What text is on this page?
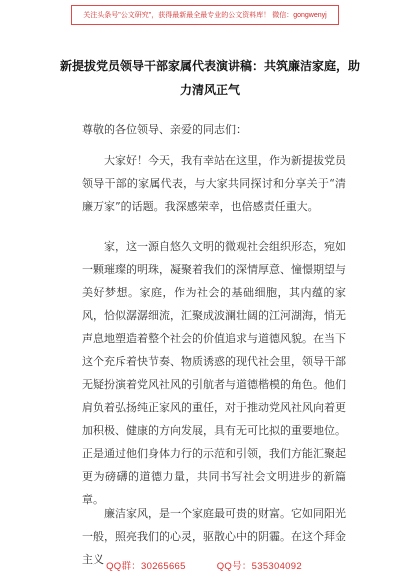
关注头条号"公文研究"，获得最新最全最专业的公文资料库！ 微信：gongwenyj
新提拔党员领导干部家属代表演讲稿：共筑廉洁家庭，助力清风正气

尊敬的各位领导、亲爱的同志们：

大家好！今天，我有幸站在这里，作为新提拔党员领导干部的家属代表，与大家共同探讨和分享关于“清廉万家”的话题。我深感荣幸，也倍感责任重大。

家，这一源自悠久文明的微观社会组织形态，宛如一颗璀璨的明珠，凝聚着我们的深情厚意、憧憬期望与美好梦想。家庭，作为社会的基础细胞，其内蕴的家风，恰似潺潺细流，汇聚成波澜壮阔的江河湖海，悄无声息地塑造着整个社会的价值追求与道德风貌。在当下这个充斥着快节奏、物质诱惑的现代社会里，领导干部无疑扮演着党风社风的引航者与道德楷模的角色。他们肩负着弘扬纯正家风的重任，对于推动党风社风向着更加积极、健康的方向发展，具有无可比拟的重要地位。正是通过他们身体力行的示范和引领，我们方能汇聚起更为磅礴的道德力量，共同书写社会文明进步的新篇章。

廉洁家风，是一个家庭最可贵的财富。它如同阳光一般，照亮我们的心灵，驱散心中的阴霾。在这个拜金主义

QQ群：30265665	QQ号：535304092
